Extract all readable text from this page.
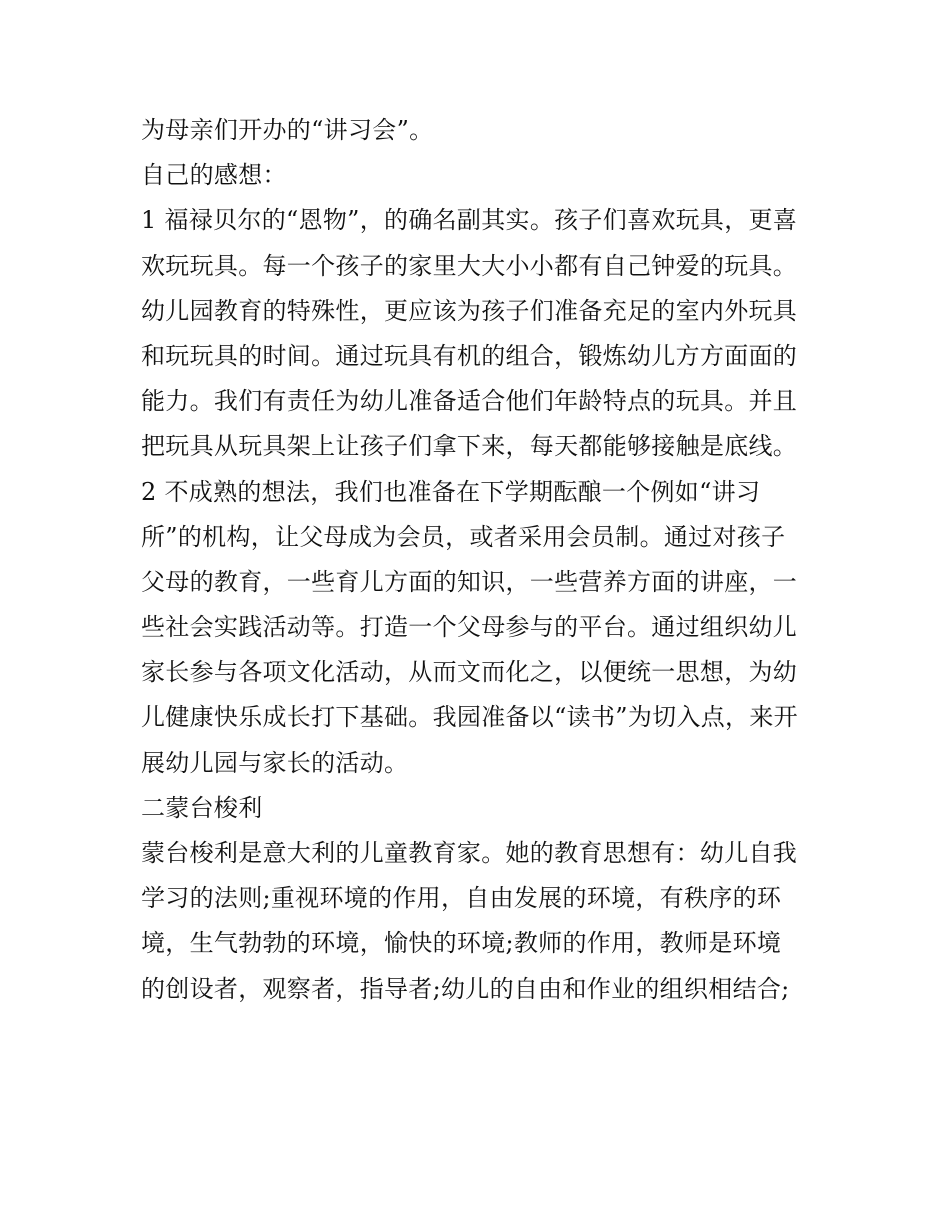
为母亲们开办的“讲习会”。
自己的感想：
1 福禄贝尔的“恩物”，的确名副其实。孩子们喜欢玩具，更喜
欢玩玩具。每一个孩子的家里大大小小都有自己钟爱的玩具。
幼儿园教育的特殊性，更应该为孩子们准备充足的室内外玩具
和玩玩具的时间。通过玩具有机的组合，锻炼幼儿方方面面的
能力。我们有责任为幼儿准备适合他们年龄特点的玩具。并且
把玩具从玩具架上让孩子们拿下来，每天都能够接触是底线。
2 不成熟的想法，我们也准备在下学期酝酿一个例如“讲习
所”的机构，让父母成为会员，或者采用会员制。通过对孩子
父母的教育，一些育儿方面的知识，一些营养方面的讲座，一
些社会实践活动等。打造一个父母参与的平台。通过组织幼儿
家长参与各项文化活动，从而文而化之，以便统一思想，为幼
儿健康快乐成长打下基础。我园准备以“读书”为切入点，来开
展幼儿园与家长的活动。
二蒙台梭利
蒙台梭利是意大利的儿童教育家。她的教育思想有：幼儿自我
学习的法则;重视环境的作用，自由发展的环境，有秩序的环
境，生气勃勃的环境，愉快的环境;教师的作用，教师是环境
的创设者，观察者，指导者;幼儿的自由和作业的组织相结合;
